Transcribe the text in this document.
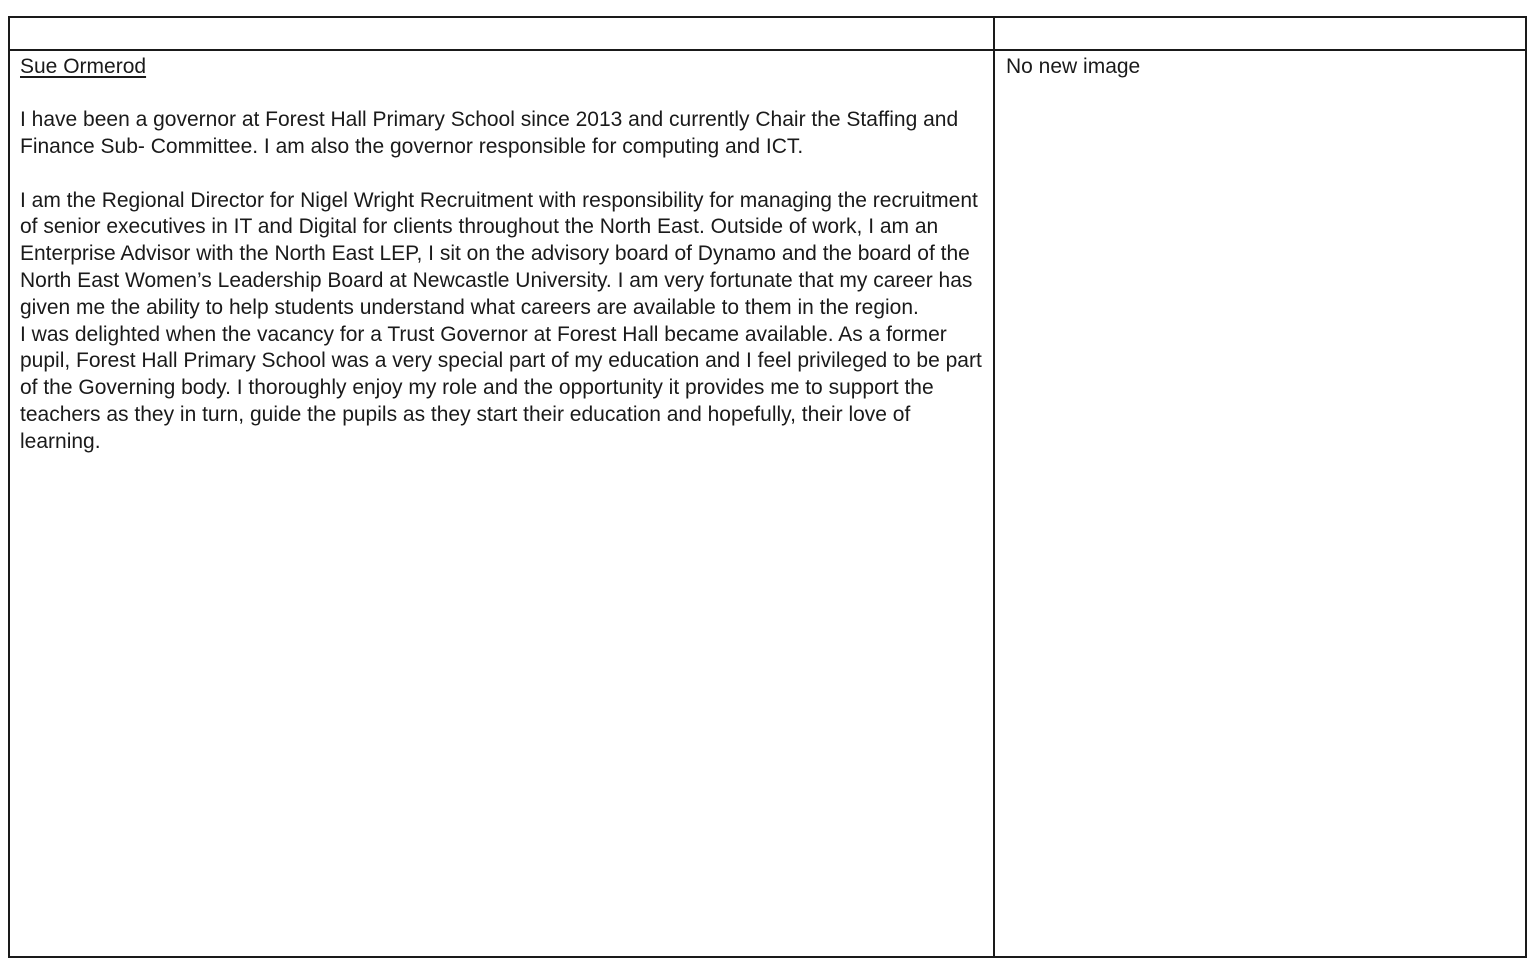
Sue Ormerod

I have been a governor at Forest Hall Primary School since 2013 and currently Chair the Staffing and Finance Sub- Committee. I am also the governor responsible for computing and ICT.

I am the Regional Director for Nigel Wright Recruitment with responsibility for managing the recruitment of senior executives in IT and Digital for clients throughout the North East. Outside of work, I am an Enterprise Advisor with the North East LEP, I sit on the advisory board of Dynamo and the board of the North East Women’s Leadership Board at Newcastle University. I am very fortunate that my career has given me the ability to help students understand what careers are available to them in the region.

I was delighted when the vacancy for a Trust Governor at Forest Hall became available. As a former pupil, Forest Hall Primary School was a very special part of my education and I feel privileged to be part of the Governing body. I thoroughly enjoy my role and the opportunity it provides me to support the teachers as they in turn, guide the pupils as they start their education and hopefully, their love of learning.	No new image
